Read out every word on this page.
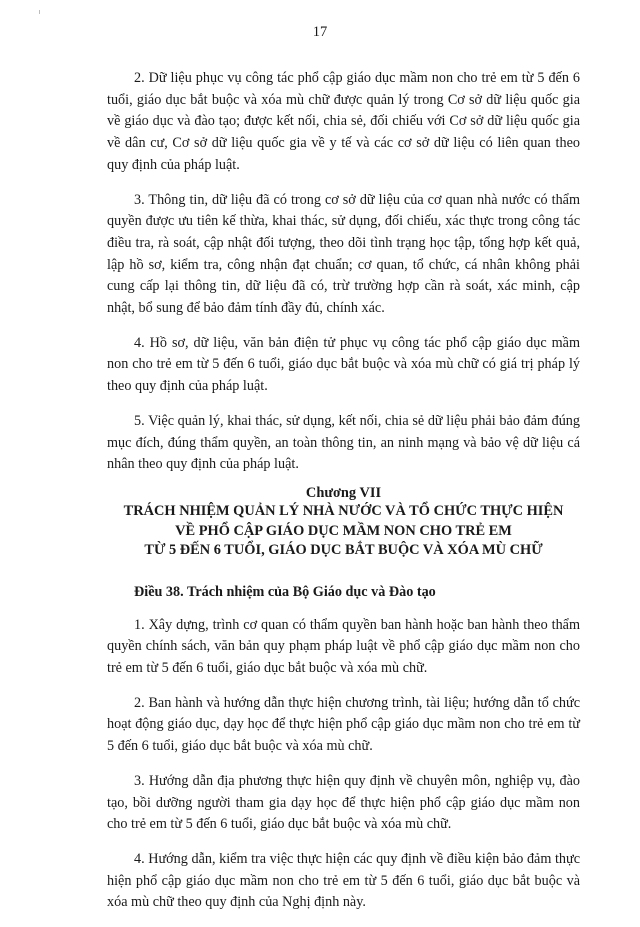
17

2. Dữ liệu phục vụ công tác phổ cập giáo dục mầm non cho trẻ em từ 5 đến 6 tuổi, giáo dục bắt buộc và xóa mù chữ được quản lý trong Cơ sở dữ liệu quốc gia về giáo dục và đào tạo; được kết nối, chia sẻ, đối chiếu với Cơ sở dữ liệu quốc gia về dân cư, Cơ sở dữ liệu quốc gia về y tế và các cơ sở dữ liệu có liên quan theo quy định của pháp luật.

3. Thông tin, dữ liệu đã có trong cơ sở dữ liệu của cơ quan nhà nước có thẩm quyền được ưu tiên kế thừa, khai thác, sử dụng, đối chiếu, xác thực trong công tác điều tra, rà soát, cập nhật đối tượng, theo dõi tình trạng học tập, tổng hợp kết quả, lập hồ sơ, kiểm tra, công nhận đạt chuẩn; cơ quan, tổ chức, cá nhân không phải cung cấp lại thông tin, dữ liệu đã có, trừ trường hợp cần rà soát, xác minh, cập nhật, bổ sung để bảo đảm tính đầy đủ, chính xác.

4. Hồ sơ, dữ liệu, văn bản điện tử phục vụ công tác phổ cập giáo dục mầm non cho trẻ em từ 5 đến 6 tuổi, giáo dục bắt buộc và xóa mù chữ có giá trị pháp lý theo quy định của pháp luật.

5. Việc quản lý, khai thác, sử dụng, kết nối, chia sẻ dữ liệu phải bảo đảm đúng mục đích, đúng thẩm quyền, an toàn thông tin, an ninh mạng và bảo vệ dữ liệu cá nhân theo quy định của pháp luật.

Chương VII
TRÁCH NHIỆM QUẢN LÝ NHÀ NƯỚC VÀ TỔ CHỨC THỰC HIỆN
VỀ PHỔ CẬP GIÁO DỤC MẦM NON CHO TRẺ EM
TỪ 5 ĐẾN 6 TUỔI, GIÁO DỤC BẮT BUỘC VÀ XÓA MÙ CHỮ

Điều 38. Trách nhiệm của Bộ Giáo dục và Đào tạo

1. Xây dựng, trình cơ quan có thẩm quyền ban hành hoặc ban hành theo thẩm quyền chính sách, văn bản quy phạm pháp luật về phổ cập giáo dục mầm non cho trẻ em từ 5 đến 6 tuổi, giáo dục bắt buộc và xóa mù chữ.

2. Ban hành và hướng dẫn thực hiện chương trình, tài liệu; hướng dẫn tổ chức hoạt động giáo dục, dạy học để thực hiện phổ cập giáo dục mầm non cho trẻ em từ 5 đến 6 tuổi, giáo dục bắt buộc và xóa mù chữ.

3. Hướng dẫn địa phương thực hiện quy định về chuyên môn, nghiệp vụ, đào tạo, bồi dưỡng người tham gia dạy học để thực hiện phổ cập giáo dục mầm non cho trẻ em từ 5 đến 6 tuổi, giáo dục bắt buộc và xóa mù chữ.

4. Hướng dẫn, kiểm tra việc thực hiện các quy định về điều kiện bảo đảm thực hiện phổ cập giáo dục mầm non cho trẻ em từ 5 đến 6 tuổi, giáo dục bắt buộc và xóa mù chữ theo quy định của Nghị định này.
